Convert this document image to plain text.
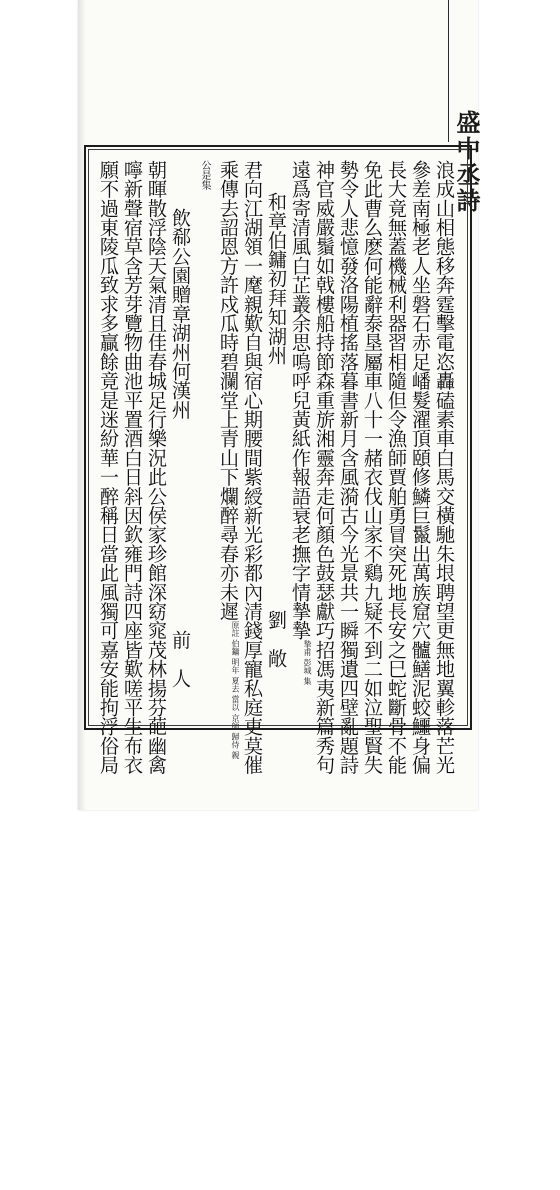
盛中丞詩
浪成山相態移奔霆擊電恣轟磕素車白馬交橫馳朱垠聘望更無地翼軫落芒光
參差南極老人坐磐石赤足嶓髮濯頂頤修鱗巨鬣出萬族窟穴髗鱔泥蛟鱷身偏
長大竟無蓋機械利器習相隨但令漁師賈舶勇冒突死地長安之巳蛇斷骨不能
免此曹么麽何能辭泰垦屬車八十一赭衣伐山家不鷄九疑不到二如泣聖賢失
勢令人悲憶發洛陽植搖落暮書新月含風漪古今光景共一瞬獨遺四壁亂題詩
神官威嚴鬚如戟樓船持節森重旂湘靈奔走何顏色鼓瑟獻巧招馮夷新篇秀句
遠爲寄清風白芷叢余思嗚呼兒黃紙作報語衰老撫字情摯摯摯甫 彭城 集
和章伯鏞初拜知湖州
劉　敞
君向江湖領一麾親歎自與宿心期腰間紫綬新光彩都內清錢厚寵私庭吏莫催
乘傳去詔恩方許戍瓜時碧瀾堂上青山下爛醉尋春亦未遲原註 伯鏞 明年 夏去 當以 京師 歸侍 親
公是集
飲郗公園贈章湖州何漢州
前　人
朝暉散浮陰天氣清且佳春城足行樂況此公侯家珍館深窈窕茂林揚芬葩幽禽
嚀新聲宿草含芳芽覽物曲池平置酒白日斜因欽雍門詩四座皆歎嗟平生布衣
願不過東陵瓜致求多贏餘竟是迷紛華一醉稱日當此風獨可嘉安能拘浮俗局
